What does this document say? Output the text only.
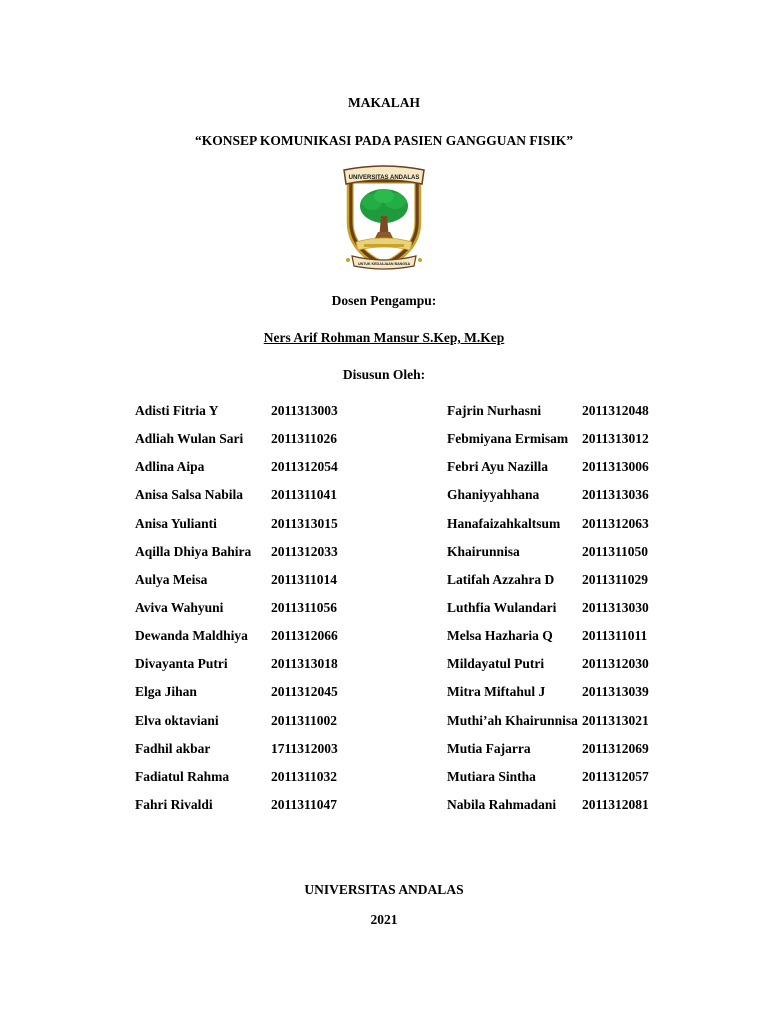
MAKALAH
“KONSEP KOMUNIKASI PADA PASIEN GANGGUAN FISIK”
UNIVERSITAS ANDALAS
UNTUK KEDJAJAAN BANGSA
Dosen Pengampu:
Ners Arif Rohman Mansur S.Kep, M.Kep
Disusun Oleh:
Adisti Fitria Y	2011313003
Adliah Wulan Sari 2011311026
Adlina Aipa	2011312054
Anisa Salsa Nabila 2011311041
Anisa Yulianti	2011313015
Aqilla Dhiya Bahira 2011312033
Aulya Meisa	2011311014
Aviva Wahyuni	2011311056
Dewanda Maldhiya 2011312066
Divayanta Putri	2011313018
Elga Jihan	2011312045
Elva oktaviani	2011311002
Fadhil akbar	1711312003
Fadiatul Rahma	2011311032
Fahri Rivaldi	2011311047
Fajrin Nurhasni	2011312048
Febmiyana Ermisam 2011313012
Febri Ayu Nazilla	2011313006
Ghaniyyahhana	2011313036
Hanafaizahkaltsum 2011312063
Khairunnisa	2011311050
Latifah Azzahra D 2011311029
Luthfia Wulandari 2011313030
Melsa Hazharia Q 2011311011
Mildayatul Putri	2011312030
Mitra Miftahul J	2011313039
Muthi’ah Khairunnisa 2011313021
Mutia Fajarra	2011312069
Mutiara Sintha	2011312057
Nabila Rahmadani 2011312081
UNIVERSITAS ANDALAS
2021
